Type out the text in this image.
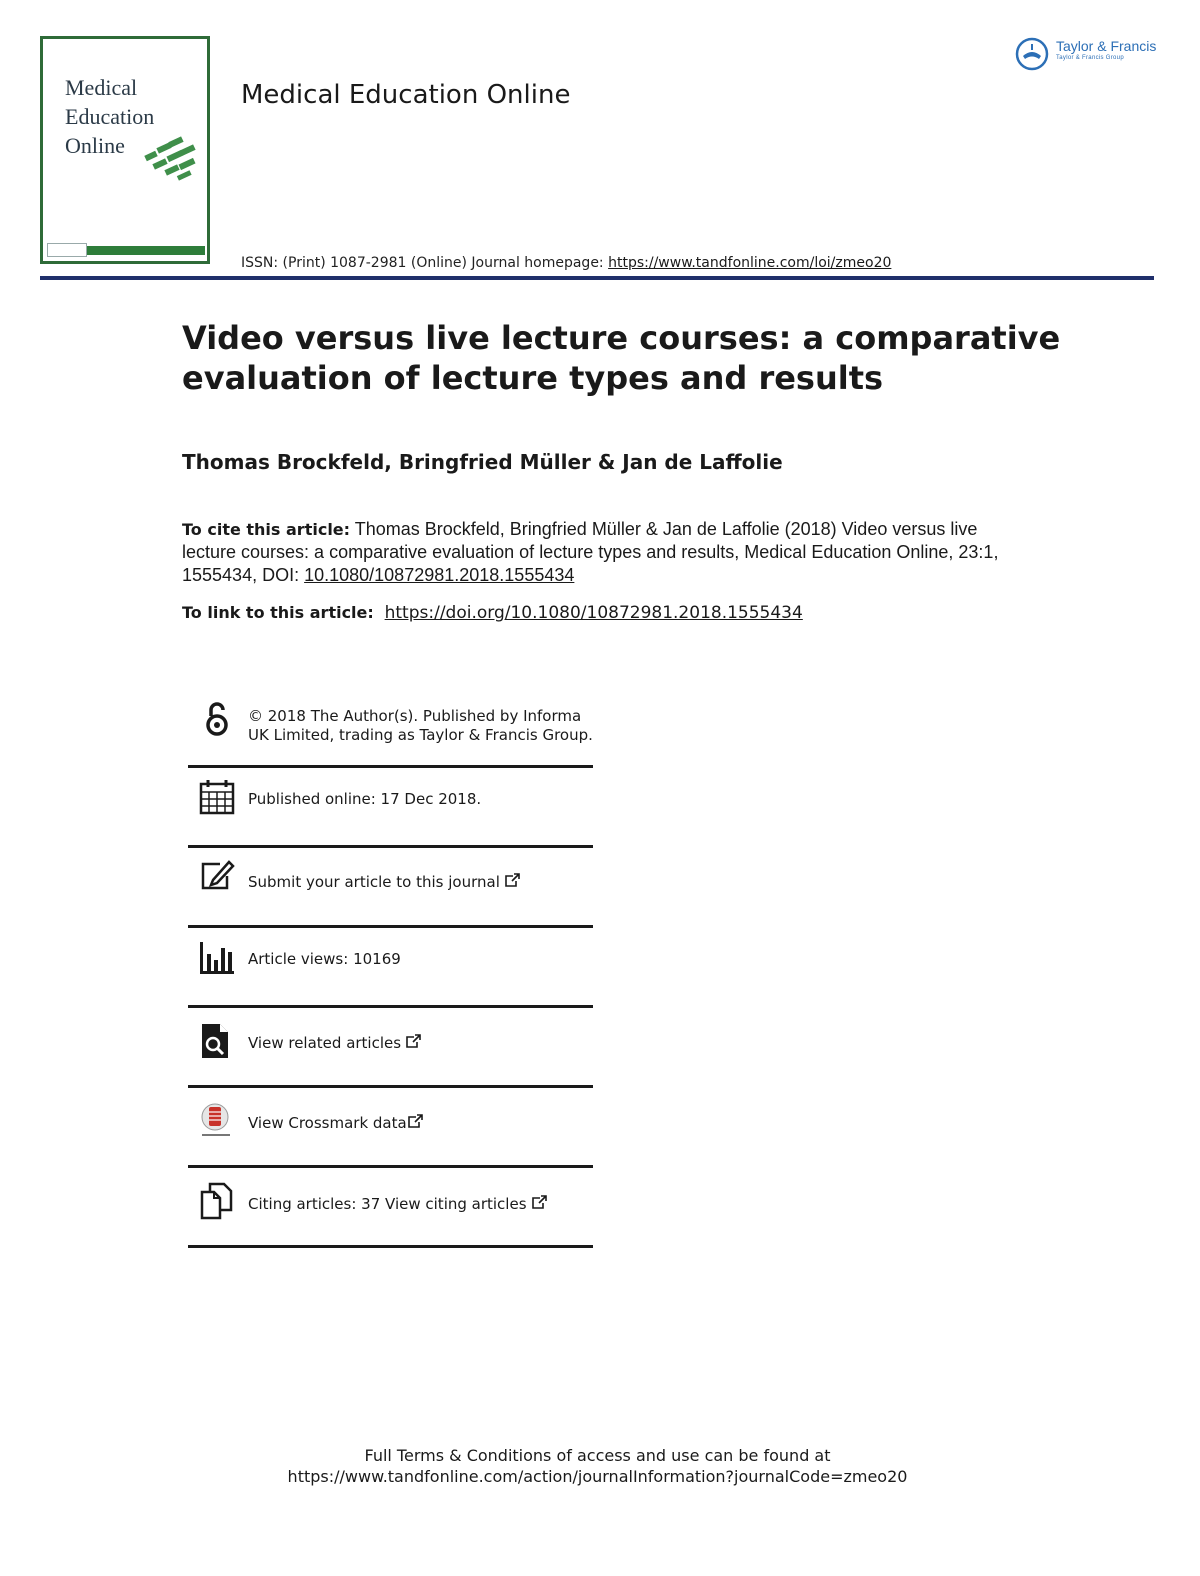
Medical Education Online
Medical Education Online
ISSN: (Print) 1087-2981 (Online) Journal homepage: https://www.tandfonline.com/loi/zmeo20
Taylor & Francis
Taylor & Francis Group
Video versus live lecture courses: a comparative evaluation of lecture types and results
Thomas Brockfeld, Bringfried Müller & Jan de Laffolie
To cite this article: Thomas Brockfeld, Bringfried Müller & Jan de Laffolie (2018) Video versus live lecture courses: a comparative evaluation of lecture types and results, Medical Education Online, 23:1, 1555434, DOI: 10.1080/10872981.2018.1555434
To link to this article: https://doi.org/10.1080/10872981.2018.1555434
© 2018 The Author(s). Published by Informa UK Limited, trading as Taylor & Francis Group.
Published online: 17 Dec 2018.
Submit your article to this journal
Article views: 10169
View related articles
View Crossmark data
Citing articles: 37 View citing articles
Full Terms & Conditions of access and use can be found at
https://www.tandfonline.com/action/journalInformation?journalCode=zmeo20
